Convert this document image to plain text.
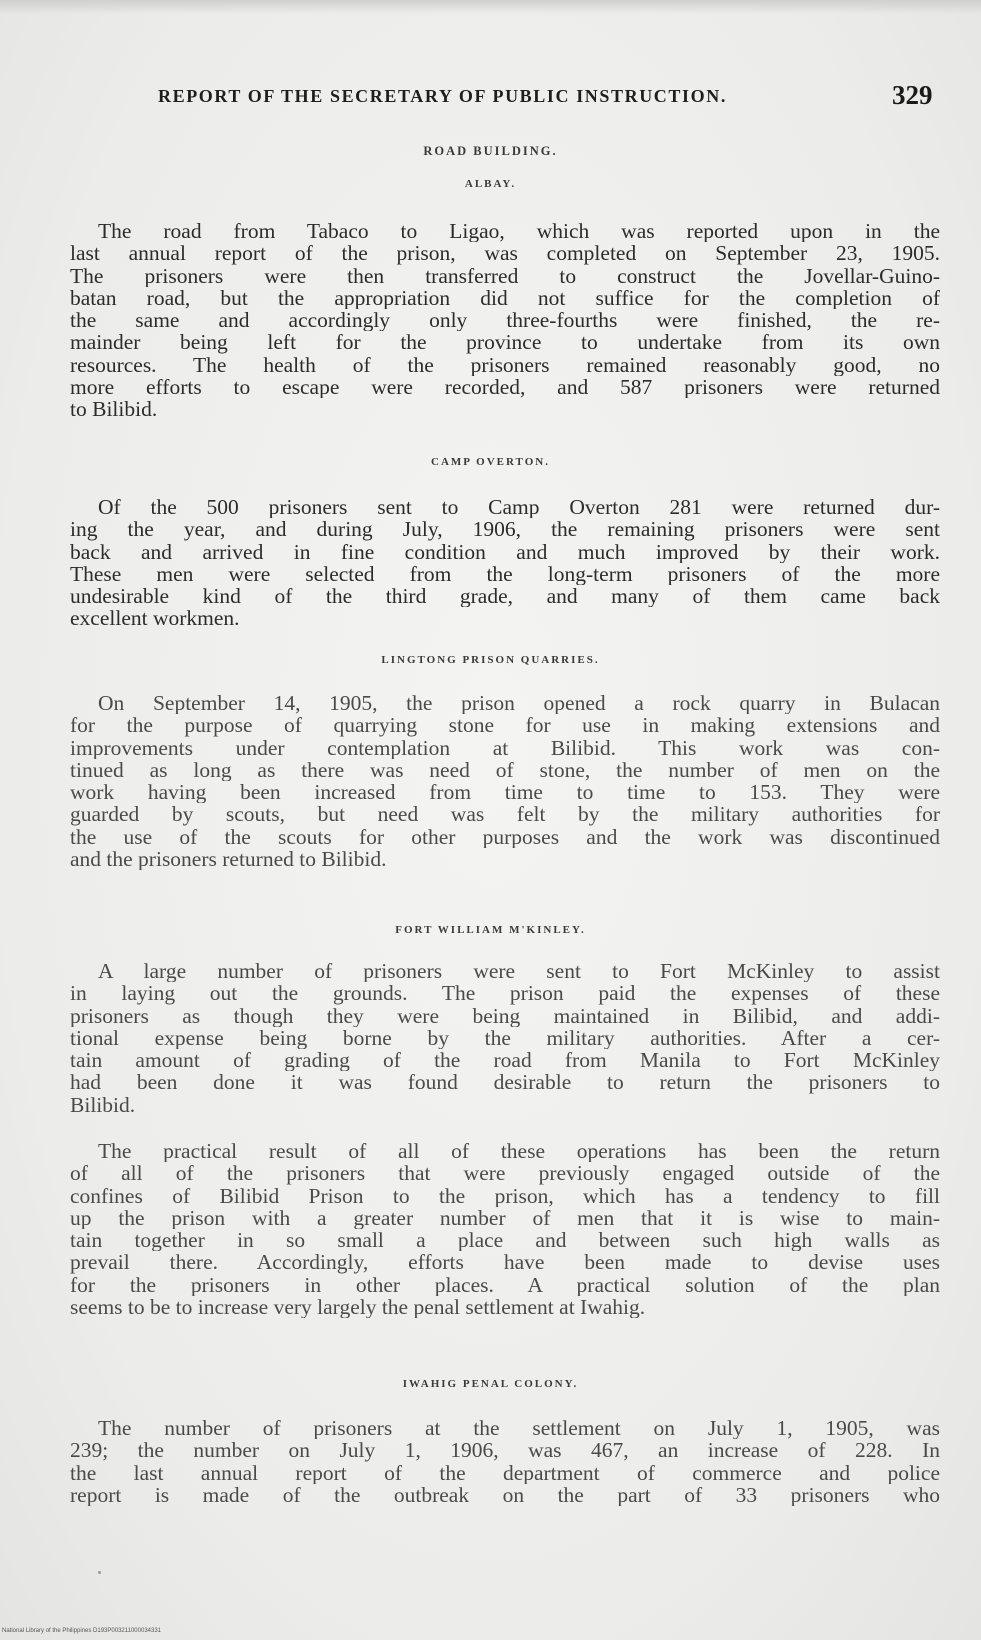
REPORT OF THE SECRETARY OF PUBLIC INSTRUCTION.	329
ROAD BUILDING.
ALBAY.
The road from Tabaco to Ligao, which was reported upon in the
last annual report of the prison, was completed on September 23, 1905.
The prisoners were then transferred to construct the Jovellar-Guino-
batan road, but the appropriation did not suffice for the completion of
the same and accordingly only three-fourths were finished, the re-
mainder being left for the province to undertake from its own
resources. The health of the prisoners remained reasonably good, no
more efforts to escape were recorded, and 587 prisoners were returned
to Bilibid.
CAMP OVERTON.
Of the 500 prisoners sent to Camp Overton 281 were returned dur-
ing the year, and during July, 1906, the remaining prisoners were sent
back and arrived in fine condition and much improved by their work.
These men were selected from the long-term prisoners of the more
undesirable kind of the third grade, and many of them came back
excellent workmen.
LINGTONG PRISON QUARRIES.
On September 14, 1905, the prison opened a rock quarry in Bulacan
for the purpose of quarrying stone for use in making extensions and
improvements under contemplation at Bilibid. This work was con-
tinued as long as there was need of stone, the number of men on the
work having been increased from time to time to 153. They were
guarded by scouts, but need was felt by the military authorities for
the use of the scouts for other purposes and the work was discontinued
and the prisoners returned to Bilibid.
FORT WILLIAM M'KINLEY.
A large number of prisoners were sent to Fort McKinley to assist
in laying out the grounds. The prison paid the expenses of these
prisoners as though they were being maintained in Bilibid, and addi-
tional expense being borne by the military authorities. After a cer-
tain amount of grading of the road from Manila to Fort McKinley
had been done it was found desirable to return the prisoners to
Bilibid.
The practical result of all of these operations has been the return
of all of the prisoners that were previously engaged outside of the
confines of Bilibid Prison to the prison, which has a tendency to fill
up the prison with a greater number of men that it is wise to main-
tain together in so small a place and between such high walls as
prevail there. Accordingly, efforts have been made to devise uses
for the prisoners in other places. A practical solution of the plan
seems to be to increase very largely the penal settlement at Iwahig.
IWAHIG PENAL COLONY.
The number of prisoners at the settlement on July 1, 1905, was
239; the number on July 1, 1906, was 467, an increase of 228. In
the last annual report of the department of commerce and police
report is made of the outbreak on the part of 33 prisoners who
National Library of the Philippines D193P003211000034331
